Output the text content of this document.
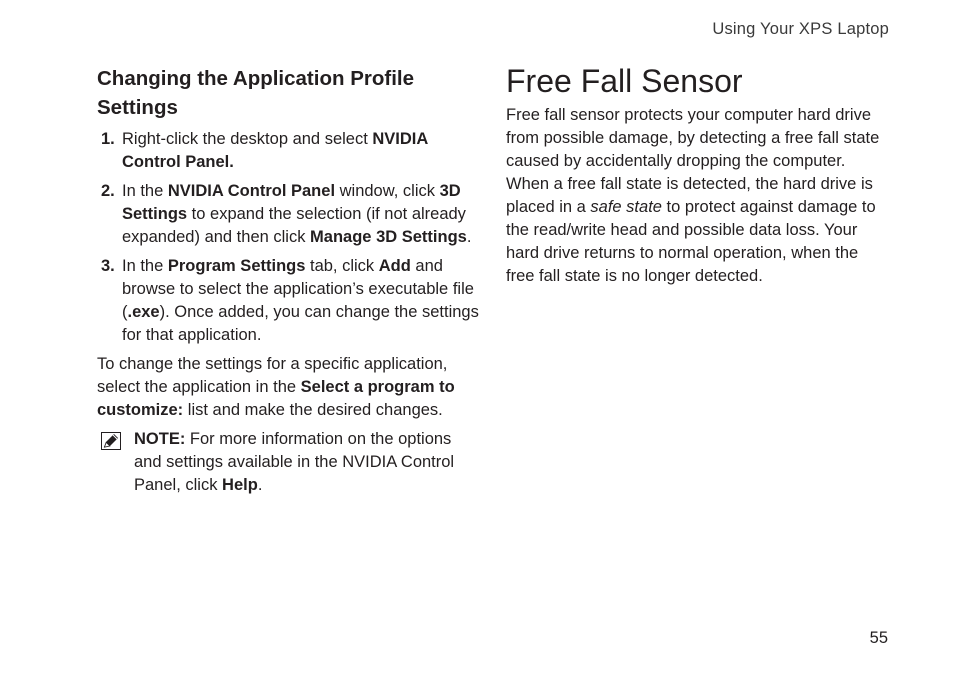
Using Your XPS Laptop
Changing the Application Profile Settings
1. Right-click the desktop and select NVIDIA Control Panel.
2. In the NVIDIA Control Panel window, click 3D Settings to expand the selection (if not already expanded) and then click Manage 3D Settings.
3. In the Program Settings tab, click Add and browse to select the application’s executable file (.exe). Once added, you can change the settings for that application.

To change the settings for a specific application, select the application in the Select a program to customize: list and make the desired changes.

NOTE: For more information on the options and settings available in the NVIDIA Control Panel, click Help.

Free Fall Sensor

Free fall sensor protects your computer hard drive from possible damage, by detecting a free fall state caused by accidentally dropping the computer. When a free fall state is detected, the hard drive is placed in a safe state to protect against damage to the read/write head and possible data loss. Your hard drive returns to normal operation, when the free fall state is no longer detected.

55
